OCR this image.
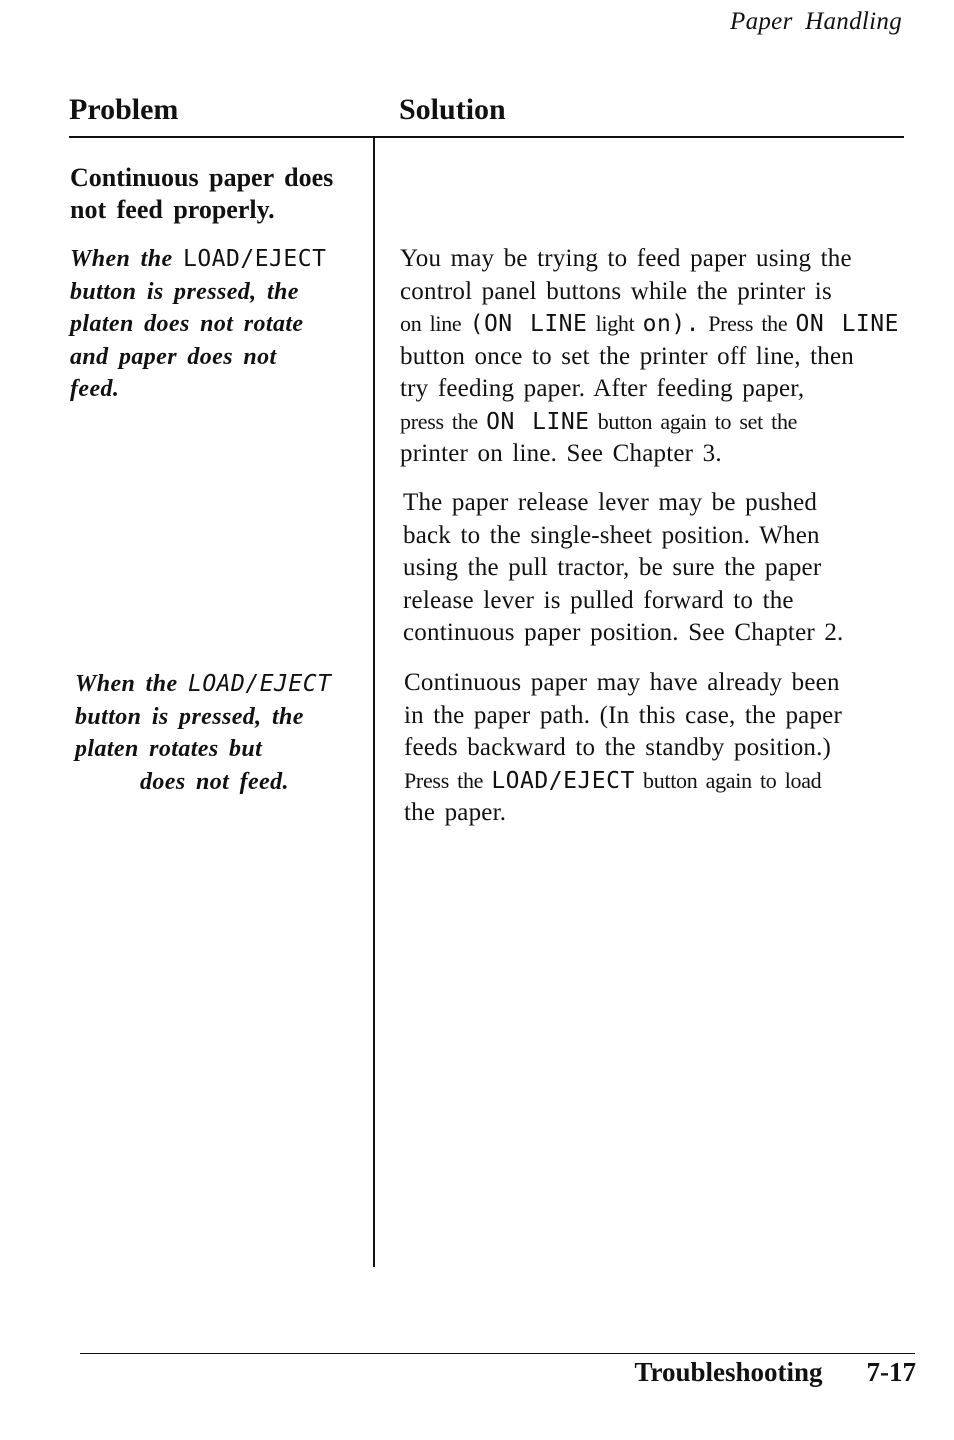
Paper Handling
Problem	Solution
Continuous paper does
not feed properly.
When the LOAD/EJECT
button is pressed, the
platen does not rotate
and paper does not
feed.
You may be trying to feed paper using the
control panel buttons while the printer is
on line (ON LINE light on). Press the ON LINE
button once to set the printer off line, then
try feeding paper. After feeding paper,
press the ON LINE button again to set the
printer on line. See Chapter 3.
The paper release lever may be pushed
back to the single-sheet position. When
using the pull tractor, be sure the paper
release lever is pulled forward to the
continuous paper position. See Chapter 2.
When the LOAD/EJECT
button is pressed, the
platen rotates but
does not feed.
Continuous paper may have already been
in the paper path. (In this case, the paper
feeds backward to the standby position.)
Press the LOAD/EJECT button again to load
the paper.
Troubleshooting 7-17
